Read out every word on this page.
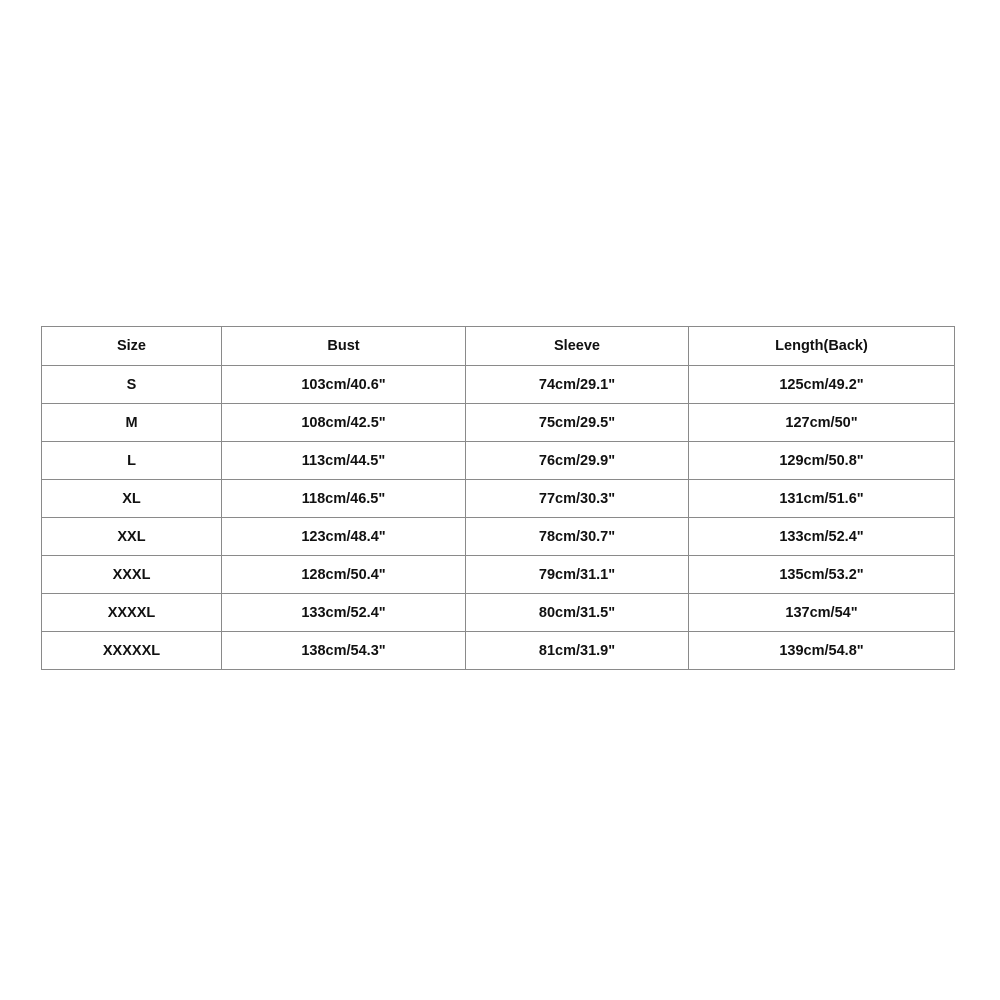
Size	Bust	Sleeve	Length(Back)
S	103cm/40.6"	74cm/29.1"	125cm/49.2"
M	108cm/42.5"	75cm/29.5"	127cm/50"
L	113cm/44.5"	76cm/29.9"	129cm/50.8"
XL	118cm/46.5"	77cm/30.3"	131cm/51.6"
XXL	123cm/48.4"	78cm/30.7"	133cm/52.4"
XXXL	128cm/50.4"	79cm/31.1"	135cm/53.2"
XXXXL	133cm/52.4"	80cm/31.5"	137cm/54"
XXXXXL	138cm/54.3"	81cm/31.9"	139cm/54.8"
